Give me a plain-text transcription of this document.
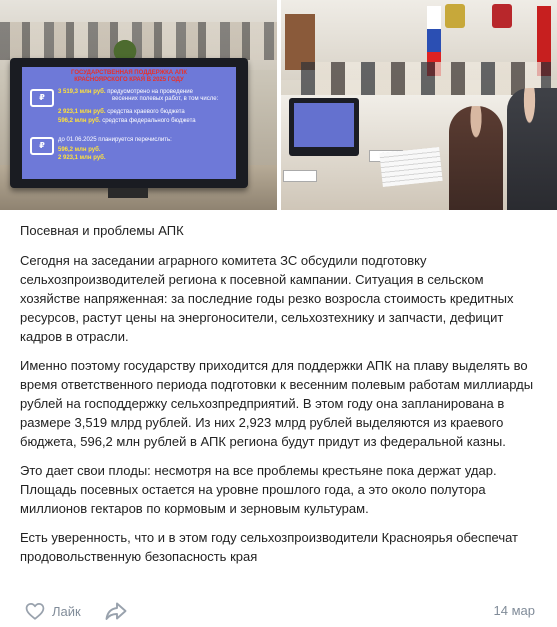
ГОСУДАРСТВЕННАЯ ПОДДЕРЖКА АПК
КРАСНОЯРСКОГО КРАЯ В 2025 ГОДУ
₽
3 519,3 млн руб. предусмотрено на проведение
весенних полевых работ, в том числе:
2 923,1 млн руб. средства краевого бюджета
596,2 млн руб. средства федерального бюджета
₽
до 01.06.2025 планируется перечислить:
596,2 млн руб.
2 923,1 млн руб.

Посевная и проблемы АПК

Сегодня на заседании аграрного комитета ЗС обсудили подготовку сельхозпроизводителей региона к посевной кампании. Ситуация в сельском хозяйстве напряженная: за последние годы резко возросла стоимость кредитных ресурсов, растут цены на энергоносители, сельхозтехнику и запчасти, дефицит кадров в отрасли.

Именно поэтому государству приходится для поддержки АПК на плаву выделять во время ответственного периода подготовки к весенним полевым работам миллиарды рублей на господдержку сельхозпредприятий. В этом году она запланирована в размере 3,519 млрд рублей. Из них 2,923 млрд рублей выделяются из краевого бюджета, 596,2 млн рублей в АПК региона будут придут из федеральной казны.

Это дает свои плоды: несмотря на все проблемы крестьяне пока держат удар. Площадь посевных остается на уровне прошлого года, а это около полутора миллионов гектаров по кормовым и зерновым культурам.

Есть уверенность, что и в этом году сельхозпроизводители Красноярья обеспечат продовольственную безопасность края

Лайк	14 мар
